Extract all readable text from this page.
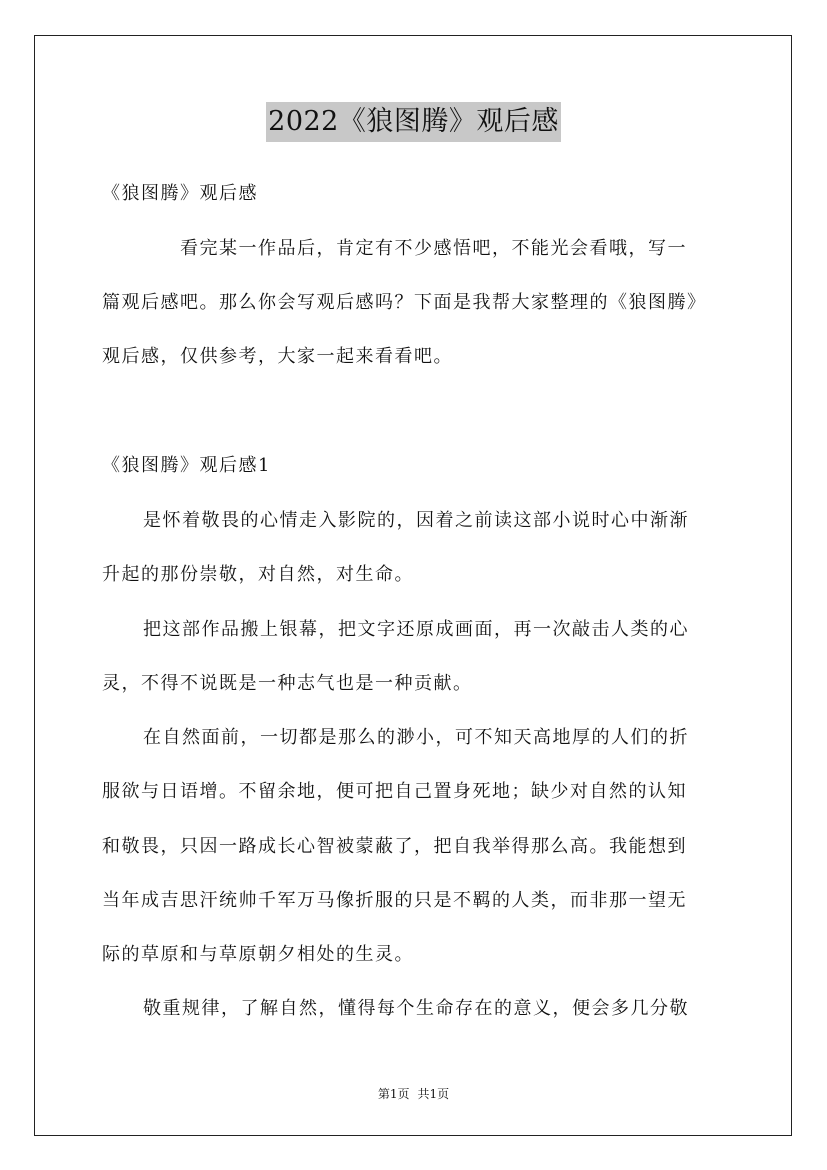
2022《狼图腾》观后感
《狼图腾》观后感
看完某一作品后，肯定有不少感悟吧，不能光会看哦，写一
篇观后感吧。那么你会写观后感吗？下面是我帮大家整理的《狼图腾》
观后感，仅供参考，大家一起来看看吧。
《狼图腾》观后感1
是怀着敬畏的心情走入影院的，因着之前读这部小说时心中渐渐
升起的那份崇敬，对自然，对生命。
把这部作品搬上银幕，把文字还原成画面，再一次敲击人类的心
灵，不得不说既是一种志气也是一种贡献。
在自然面前，一切都是那么的渺小，可不知天高地厚的人们的折
服欲与日语增。不留余地，便可把自己置身死地；缺少对自然的认知
和敬畏，只因一路成长心智被蒙蔽了，把自我举得那么高。我能想到
当年成吉思汗统帅千军万马像折服的只是不羁的人类，而非那一望无
际的草原和与草原朝夕相处的生灵。
敬重规律，了解自然，懂得每个生命存在的意义，便会多几分敬
第1页 共1页
